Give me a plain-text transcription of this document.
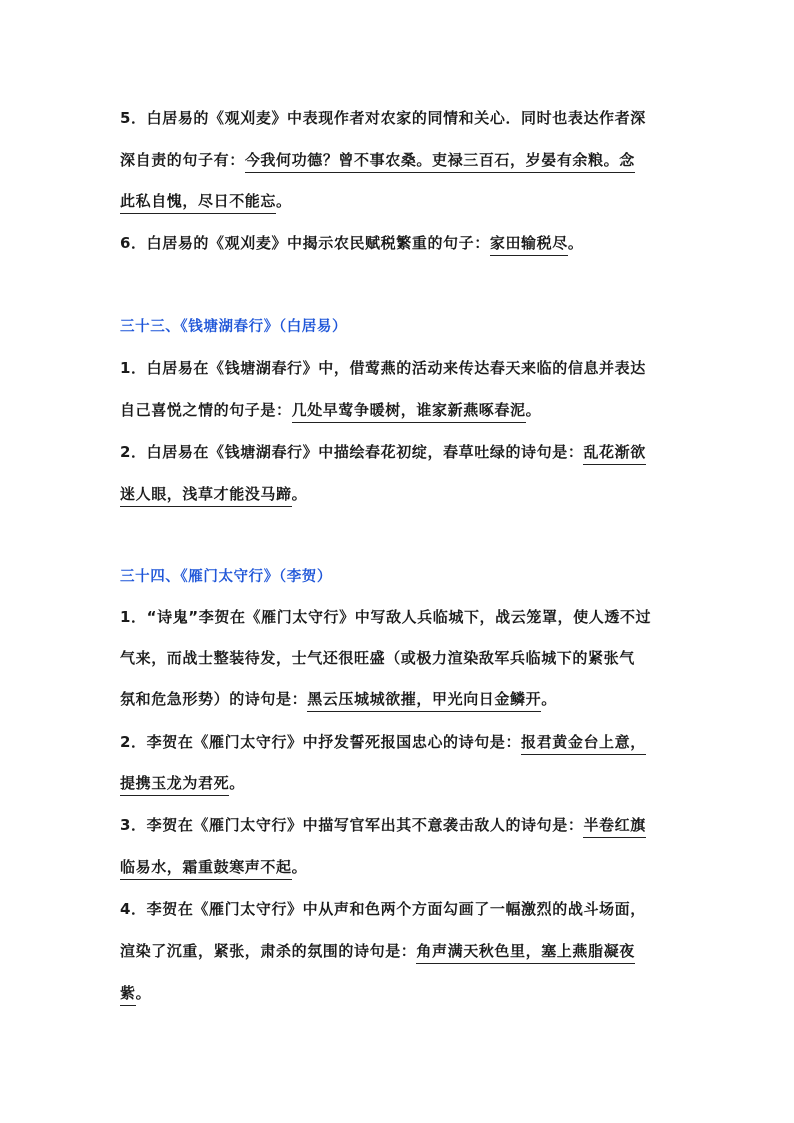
5．白居易的《观刈麦》中表现作者对农家的同情和关心．同时也表达作者深
深自责的句子有：今我何功德？曾不事农桑。吏禄三百石，岁晏有余粮。念
此私自愧，尽日不能忘。
6．白居易的《观刈麦》中揭示农民赋税繁重的句子：家田输税尽。
三十三、《钱塘湖春行》（白居易）
1．白居易在《钱塘湖春行》中，借莺燕的活动来传达春天来临的信息并表达
自己喜悦之情的句子是：几处早莺争暖树，谁家新燕啄春泥。
2．白居易在《钱塘湖春行》中描绘春花初绽，春草吐绿的诗句是：乱花渐欲
迷人眼，浅草才能没马蹄。
三十四、《雁门太守行》（李贺）
1．“诗鬼”李贺在《雁门太守行》中写敌人兵临城下，战云笼罩，使人透不过
气来，而战士整装待发，士气还很旺盛（或极力渲染敌军兵临城下的紧张气
氛和危急形势）的诗句是：黑云压城城欲摧，甲光向日金鳞开。
2．李贺在《雁门太守行》中抒发誓死报国忠心的诗句是：报君黄金台上意，
提携玉龙为君死。
3．李贺在《雁门太守行》中描写官军出其不意袭击敌人的诗句是：半卷红旗
临易水，霜重鼓寒声不起。
4．李贺在《雁门太守行》中从声和色两个方面勾画了一幅激烈的战斗场面，
渲染了沉重，紧张，肃杀的氛围的诗句是：角声满天秋色里，塞上燕脂凝夜
紫。
